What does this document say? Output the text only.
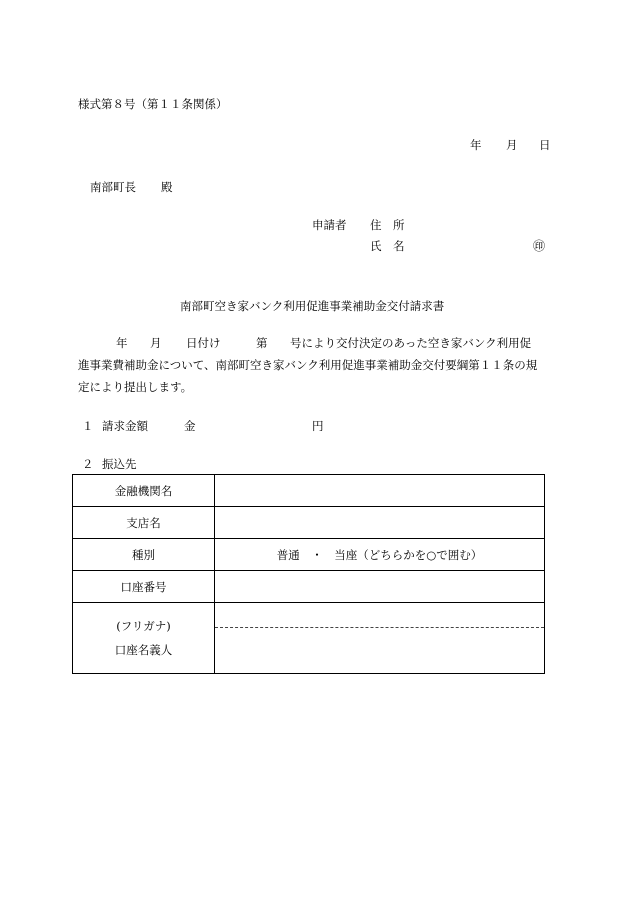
様式第８号（第１１条関係）
年 月 日
南部町長 殿
申請者 住　所
氏　名	㊞
南部町空き家バンク利用促進事業補助金交付請求書

年 月 日付け	第 号により交付決定のあった空き家バンク利用促

進事業費補助金について、南部町空き家バンク利用促進事業補助金交付要綱第１１条の規

定により提出します。

１ 請求金額	金	円
２ 振込先
金融機関名	
支店名	
種別	普通　・　当座（どちらかを○で囲む）
口座番号	

(フリガナ)
口座名義人	
